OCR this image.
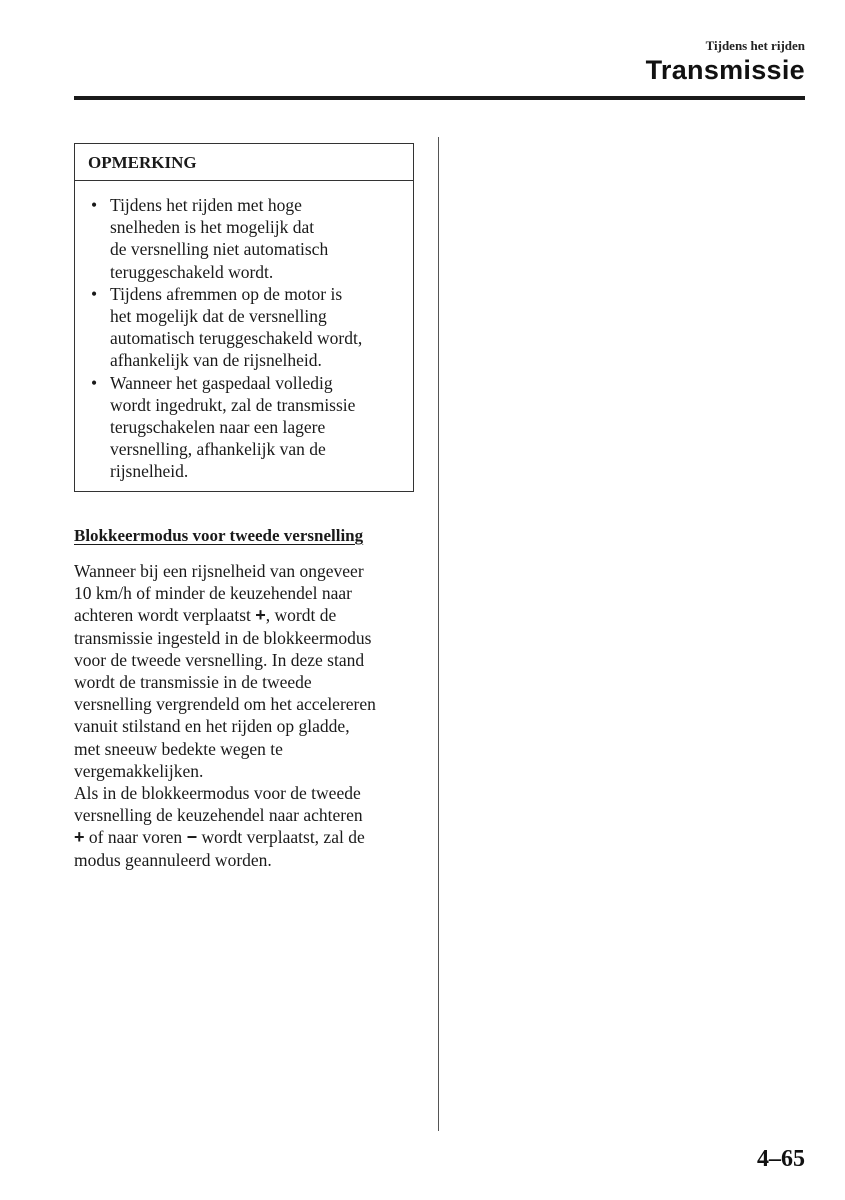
Tijdens het rijden
Transmissie
OPMERKING
• Tijdens het rijden met hoge
snelheden is het mogelijk dat
de versnelling niet automatisch
teruggeschakeld wordt.
• Tijdens afremmen op de motor is
het mogelijk dat de versnelling
automatisch teruggeschakeld wordt,
afhankelijk van de rijsnelheid.
• Wanneer het gaspedaal volledig
wordt ingedrukt, zal de transmissie
terugschakelen naar een lagere
versnelling, afhankelijk van de
rijsnelheid.
Blokkeermodus voor tweede versnelling
Wanneer bij een rijsnelheid van ongeveer
10 km/h of minder de keuzehendel naar
achteren wordt verplaatst +, wordt de
transmissie ingesteld in de blokkeermodus
voor de tweede versnelling. In deze stand
wordt de transmissie in de tweede
versnelling vergrendeld om het accelereren
vanuit stilstand en het rijden op gladde,
met sneeuw bedekte wegen te
vergemakkelijken.
Als in de blokkeermodus voor de tweede
versnelling de keuzehendel naar achteren
+ of naar voren − wordt verplaatst, zal de
modus geannuleerd worden.
4–65
